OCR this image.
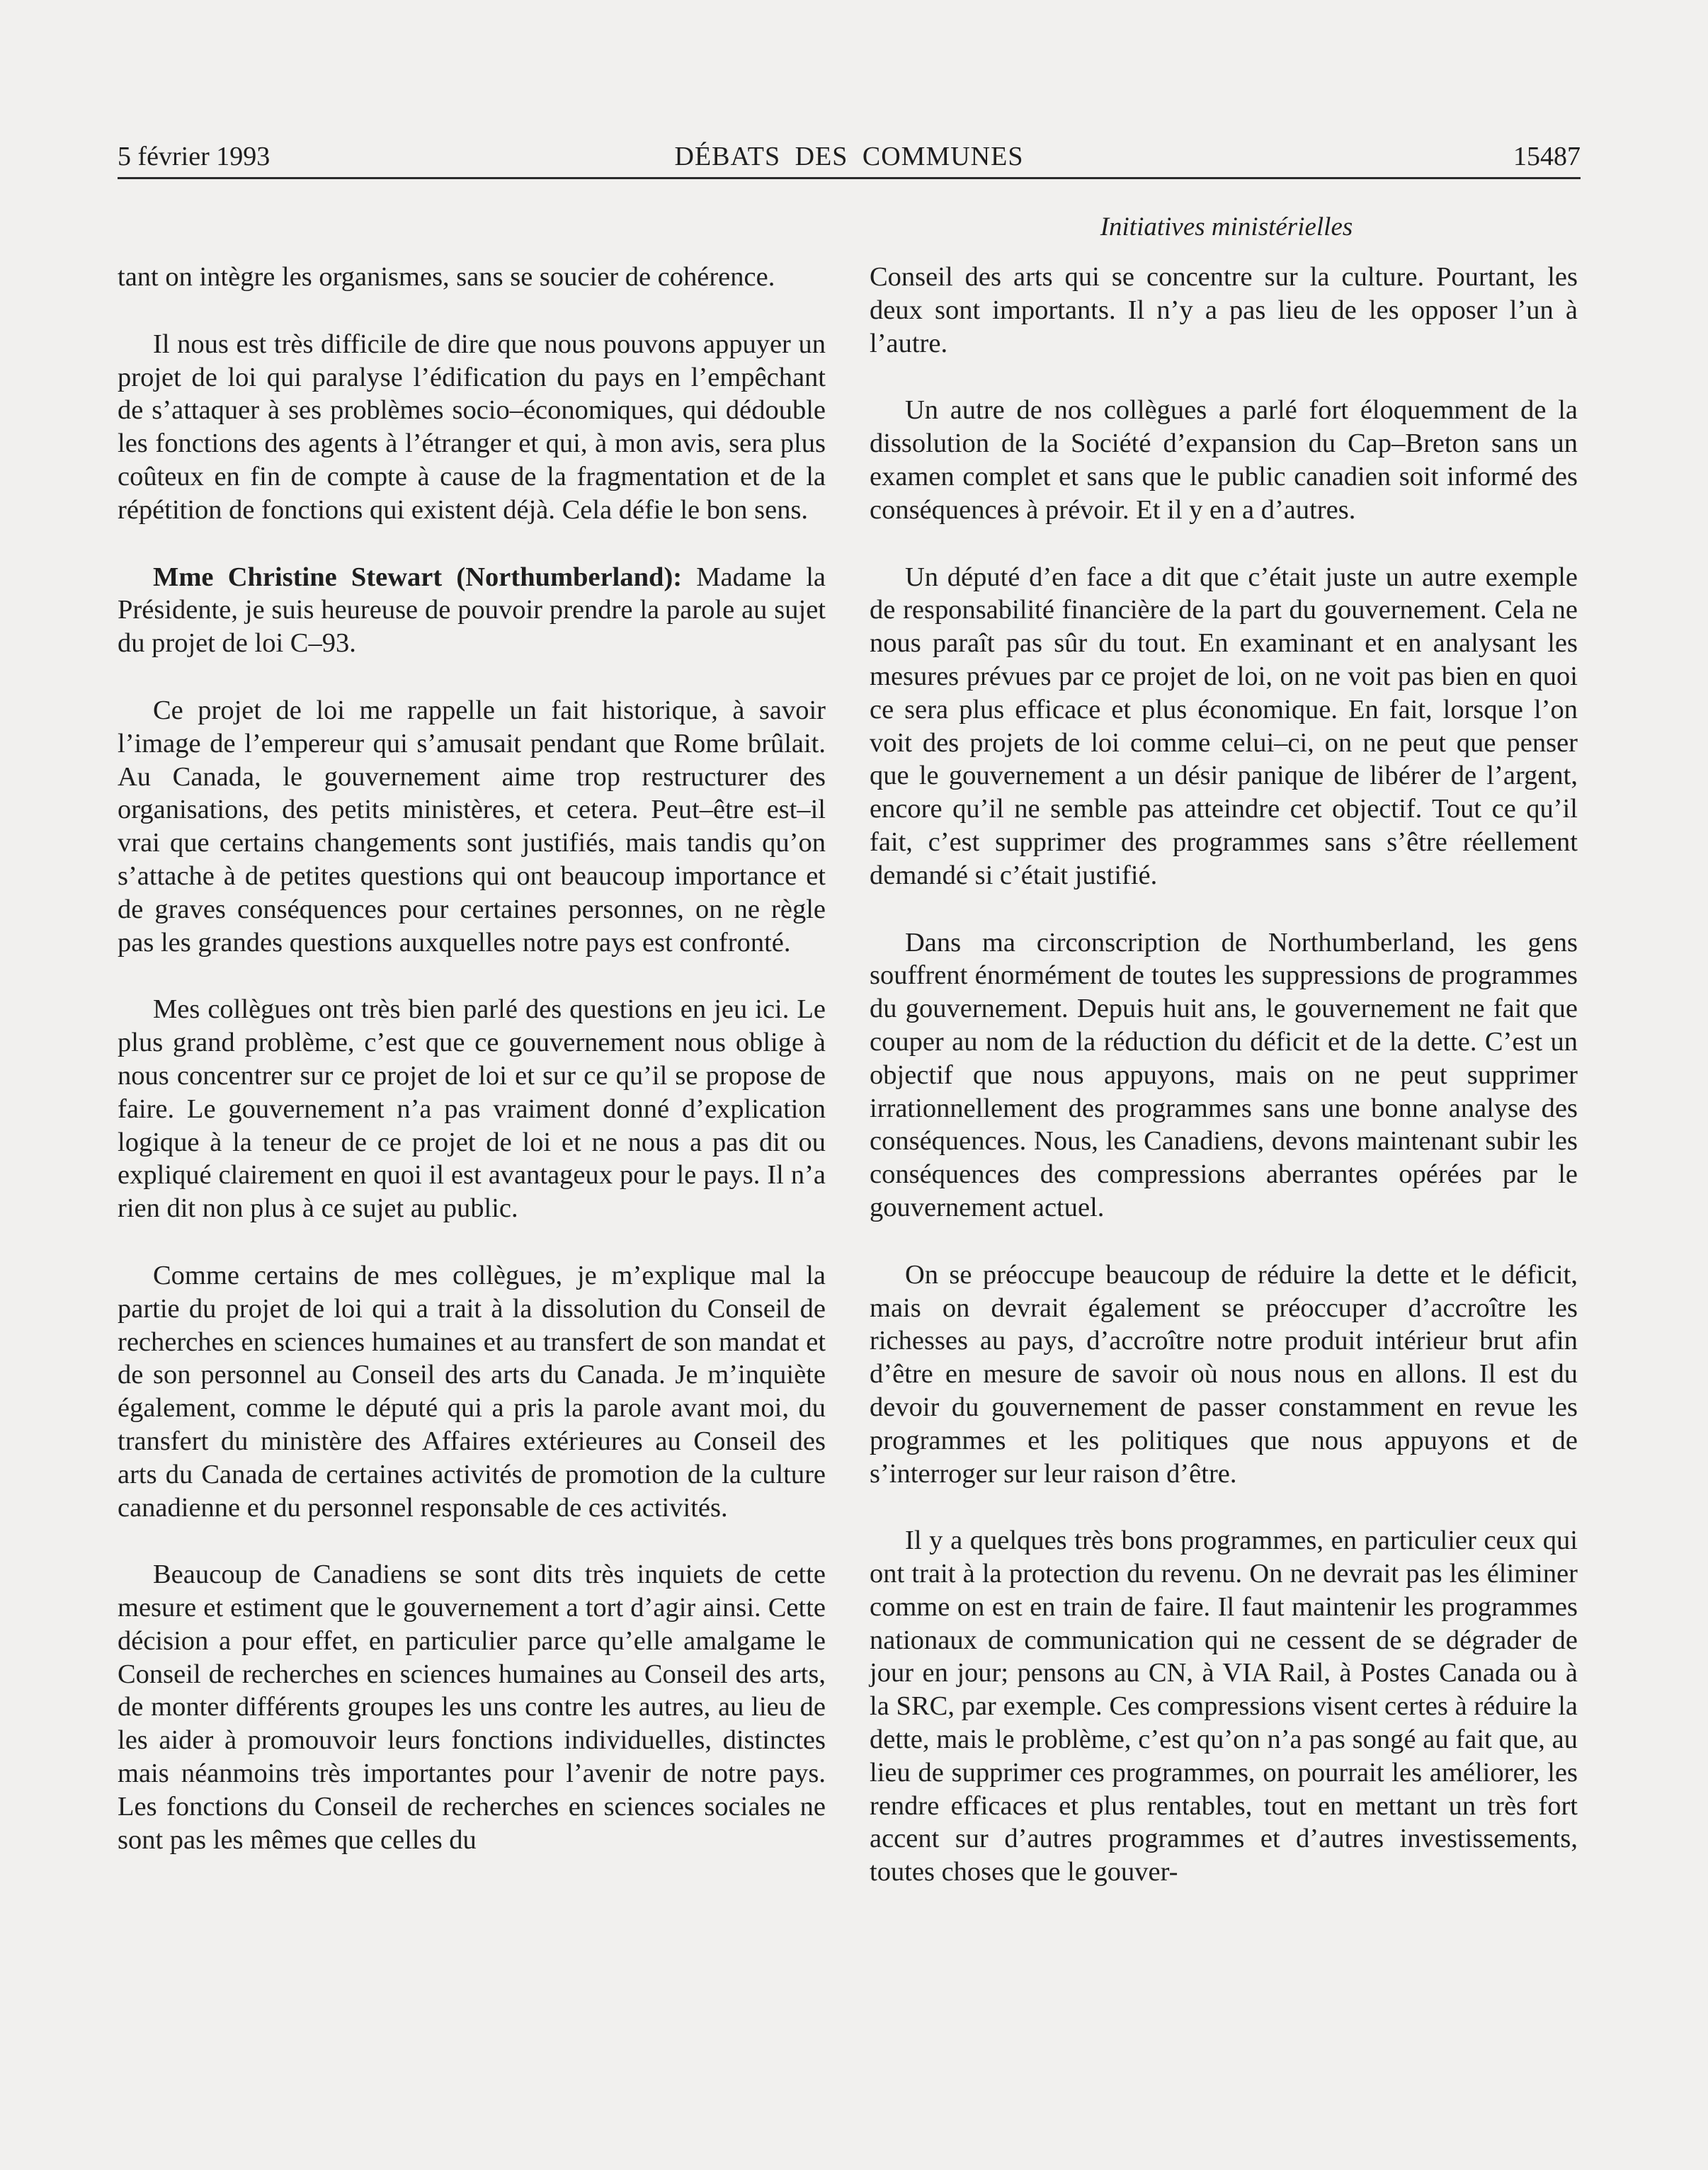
5 février 1993	DÉBATS DES COMMUNES	15487
Initiatives ministérielles

tant on intègre les organismes, sans se soucier de cohérence.

Il nous est très difficile de dire que nous pouvons appuyer un projet de loi qui paralyse l’édification du pays en l’empêchant de s’attaquer à ses problèmes socio–économiques, qui dédouble les fonctions des agents à l’étranger et qui, à mon avis, sera plus coûteux en fin de compte à cause de la fragmentation et de la répétition de fonctions qui existent déjà. Cela défie le bon sens.

Mme Christine Stewart (Northumberland): Madame la Présidente, je suis heureuse de pouvoir prendre la parole au sujet du projet de loi C–93.

Ce projet de loi me rappelle un fait historique, à savoir l’image de l’empereur qui s’amusait pendant que Rome brûlait. Au Canada, le gouvernement aime trop restructurer des organisations, des petits ministères, et cetera. Peut–être est–il vrai que certains changements sont justifiés, mais tandis qu’on s’attache à de petites questions qui ont beaucoup importance et de graves conséquences pour certaines personnes, on ne règle pas les grandes questions auxquelles notre pays est confronté.

Mes collègues ont très bien parlé des questions en jeu ici. Le plus grand problème, c’est que ce gouvernement nous oblige à nous concentrer sur ce projet de loi et sur ce qu’il se propose de faire. Le gouvernement n’a pas vraiment donné d’explication logique à la teneur de ce projet de loi et ne nous a pas dit ou expliqué clairement en quoi il est avantageux pour le pays. Il n’a rien dit non plus à ce sujet au public.

Comme certains de mes collègues, je m’explique mal la partie du projet de loi qui a trait à la dissolution du Conseil de recherches en sciences humaines et au transfert de son mandat et de son personnel au Conseil des arts du Canada. Je m’inquiète également, comme le député qui a pris la parole avant moi, du transfert du ministère des Affaires extérieures au Conseil des arts du Canada de certaines activités de promotion de la culture canadienne et du personnel responsable de ces activités.

Beaucoup de Canadiens se sont dits très inquiets de cette mesure et estiment que le gouvernement a tort d’agir ainsi. Cette décision a pour effet, en particulier parce qu’elle amalgame le Conseil de recherches en sciences humaines au Conseil des arts, de monter différents groupes les uns contre les autres, au lieu de les aider à promouvoir leurs fonctions individuelles, distinctes mais néanmoins très importantes pour l’avenir de notre pays. Les fonctions du Conseil de recherches en sciences sociales ne sont pas les mêmes que celles du

Conseil des arts qui se concentre sur la culture. Pourtant, les deux sont importants. Il n’y a pas lieu de les opposer l’un à l’autre.

Un autre de nos collègues a parlé fort éloquemment de la dissolution de la Société d’expansion du Cap–Breton sans un examen complet et sans que le public canadien soit informé des conséquences à prévoir. Et il y en a d’autres.

Un député d’en face a dit que c’était juste un autre exemple de responsabilité financière de la part du gouvernement. Cela ne nous paraît pas sûr du tout. En examinant et en analysant les mesures prévues par ce projet de loi, on ne voit pas bien en quoi ce sera plus efficace et plus économique. En fait, lorsque l’on voit des projets de loi comme celui–ci, on ne peut que penser que le gouvernement a un désir panique de libérer de l’argent, encore qu’il ne semble pas atteindre cet objectif. Tout ce qu’il fait, c’est supprimer des programmes sans s’être réellement demandé si c’était justifié.

Dans ma circonscription de Northumberland, les gens souffrent énormément de toutes les suppressions de programmes du gouvernement. Depuis huit ans, le gouvernement ne fait que couper au nom de la réduction du déficit et de la dette. C’est un objectif que nous appuyons, mais on ne peut supprimer irrationnellement des programmes sans une bonne analyse des conséquences. Nous, les Canadiens, devons maintenant subir les conséquences des compressions aberrantes opérées par le gouvernement actuel.

On se préoccupe beaucoup de réduire la dette et le déficit, mais on devrait également se préoccuper d’accroître les richesses au pays, d’accroître notre produit intérieur brut afin d’être en mesure de savoir où nous nous en allons. Il est du devoir du gouvernement de passer constamment en revue les programmes et les politiques que nous appuyons et de s’interroger sur leur raison d’être.

Il y a quelques très bons programmes, en particulier ceux qui ont trait à la protection du revenu. On ne devrait pas les éliminer comme on est en train de faire. Il faut maintenir les programmes nationaux de communication qui ne cessent de se dégrader de jour en jour; pensons au CN, à VIA Rail, à Postes Canada ou à la SRC, par exemple. Ces compressions visent certes à réduire la dette, mais le problème, c’est qu’on n’a pas songé au fait que, au lieu de supprimer ces programmes, on pourrait les améliorer, les rendre efficaces et plus rentables, tout en mettant un très fort accent sur d’autres programmes et d’autres investissements, toutes choses que le gouver-
